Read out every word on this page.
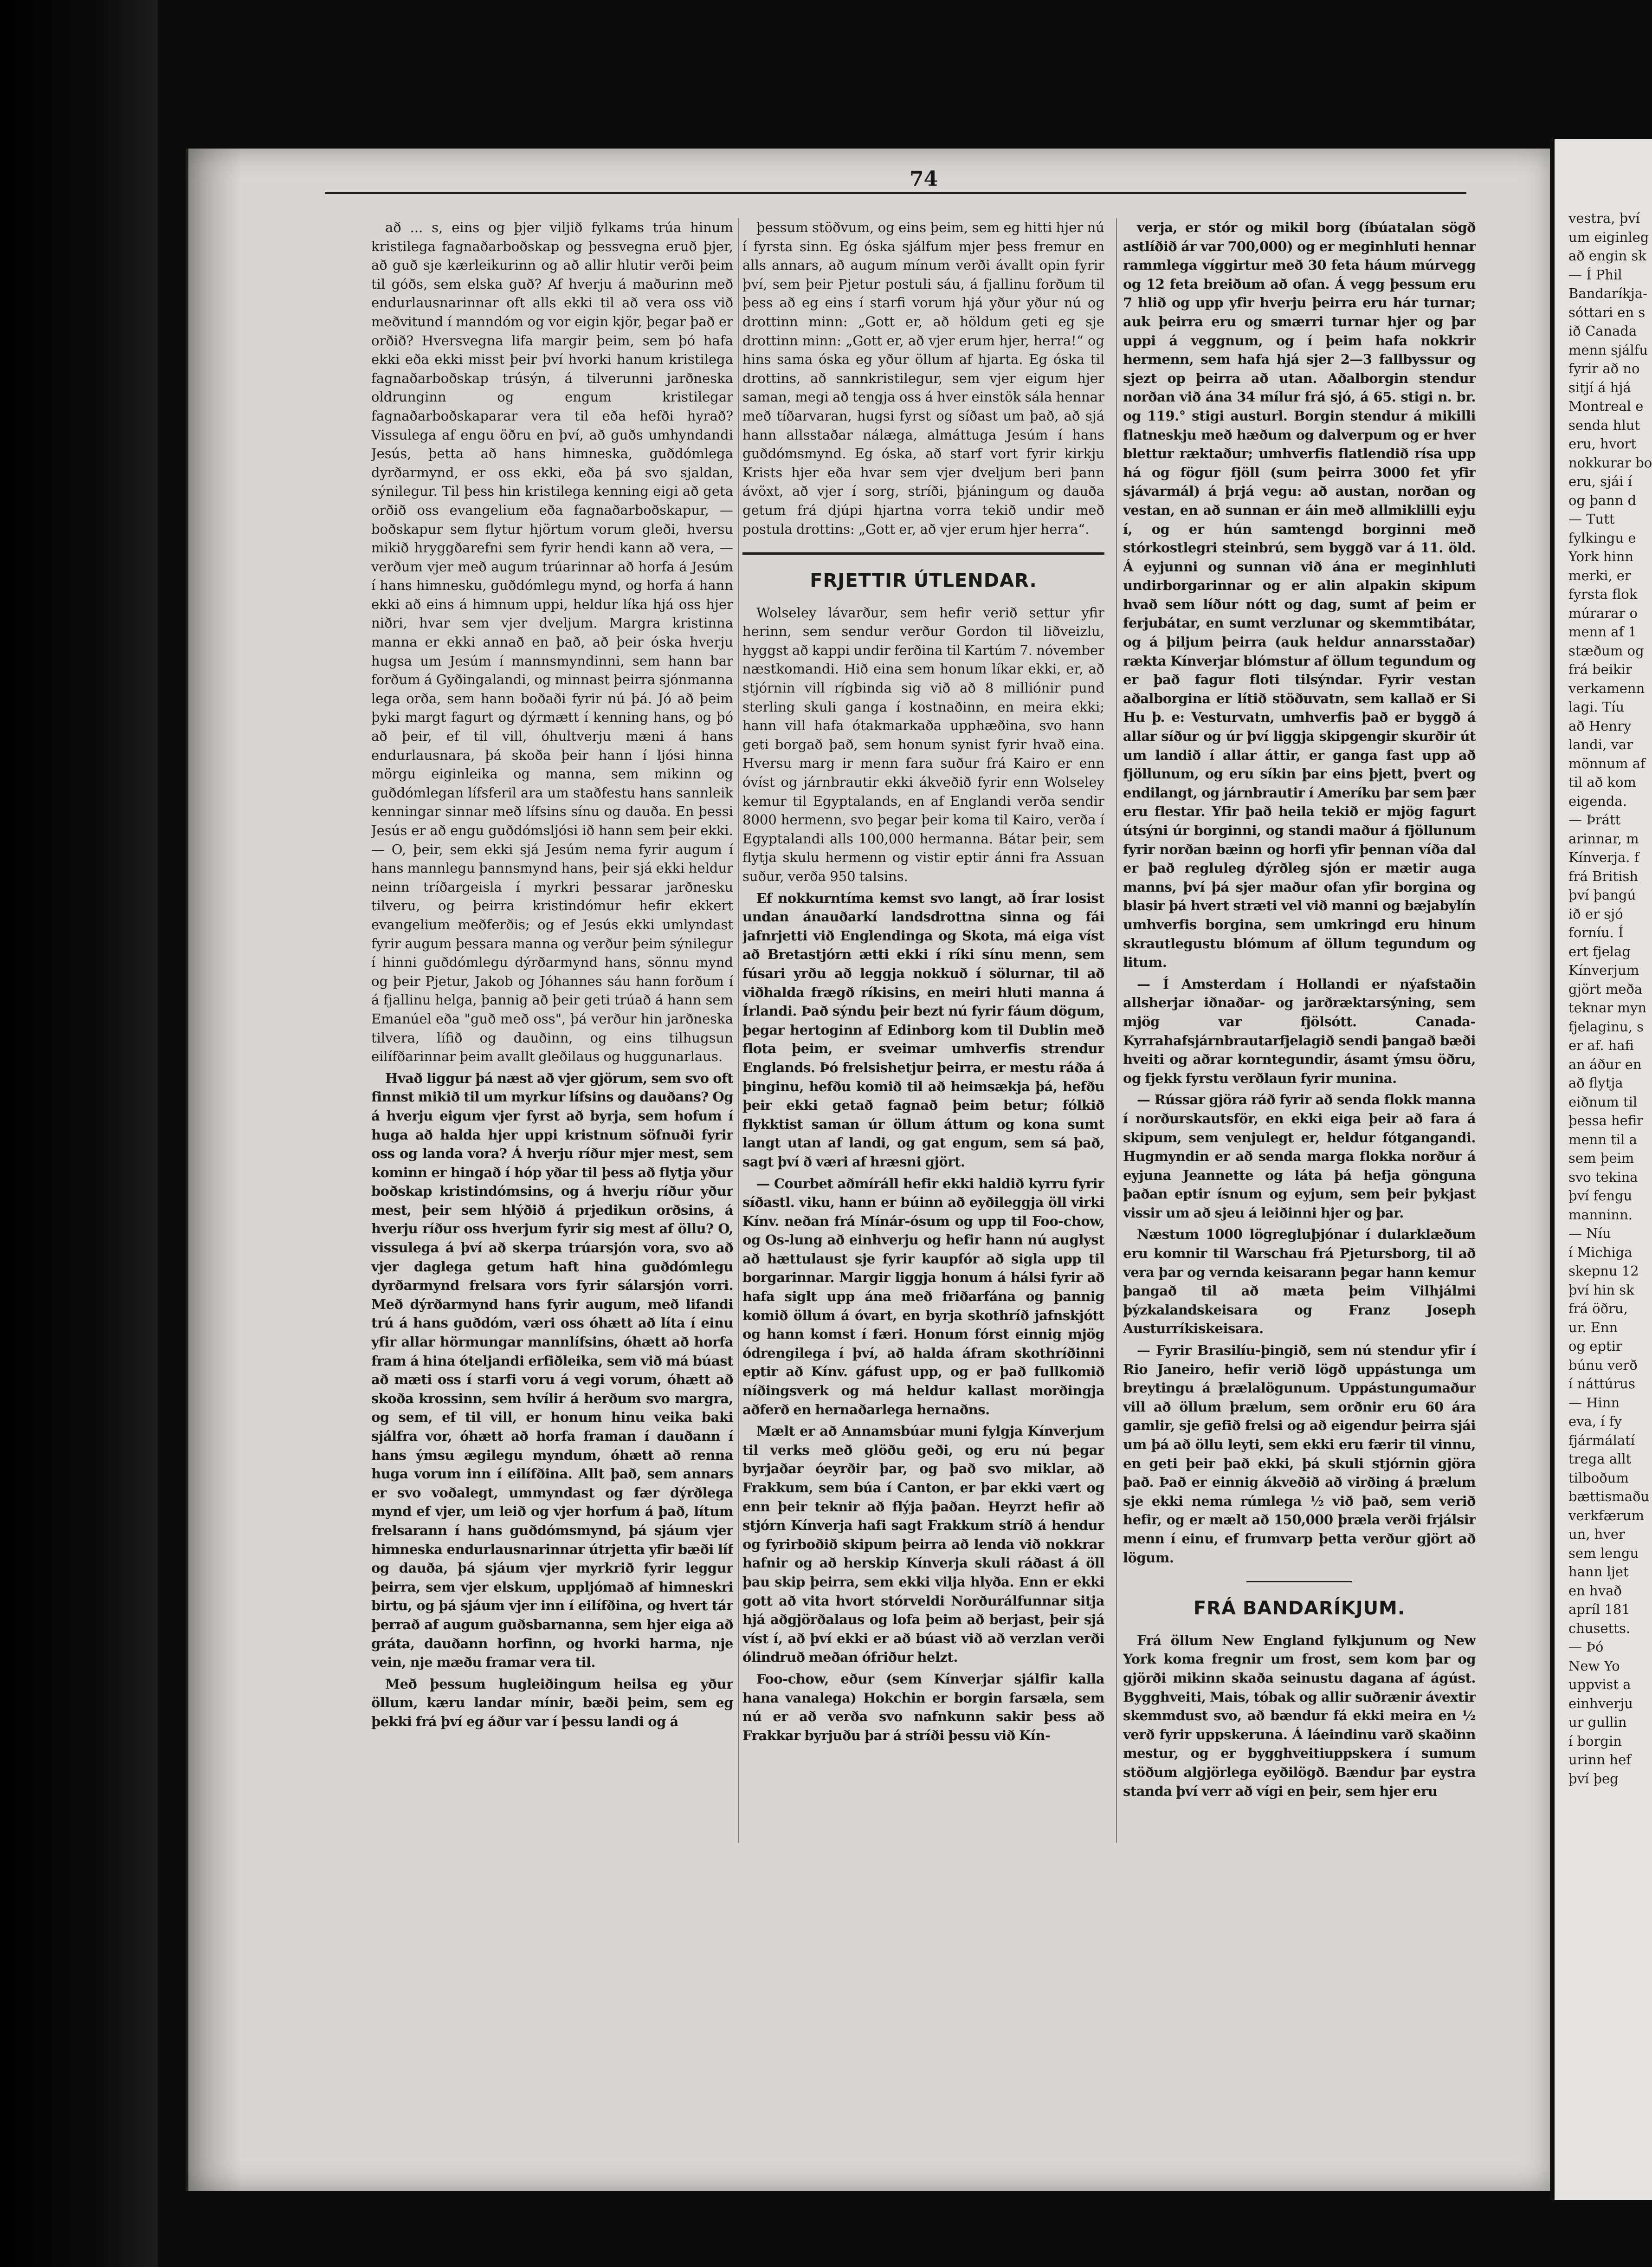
vestra, því
um eiginleg
að engin sk
— Í Phil
Bandaríkja-
sóttari en s
ið Canada
menn sjálfu
fyrir að no
sitjí á hjá
Montreal e
senda hlut
eru, hvort
nokkurar bo
eru, sjái í
og þann d
— Tutt
fylkingu e
York hinn
merki, er
fyrsta flok
múrarar o
menn af 1
stæðum og
frá beikir
verkamenn
lagi. Tíu
að Henry
landi, var
mönnum af
til að kom
eigenda.
— Þrátt
arinnar, m
Kínverja. f
frá British
því þangú
ið er sjó
forníu. Í
ert fjelag
Kínverjum
gjört meða
teknar myn
fjelaginu, s
er af. hafi
an áður en
að flytja
eiðnum til
þessa hefir
menn til a
sem þeim
svo tekina
því fengu
manninn.
— Níu
í Michiga
skepnu 12
því hin sk
frá öðru,
ur. Enn
og eptir
búnu verð
í náttúrus
— Hinn
eva, í fy
fjármálatí
trega allt
tilboðum
bættismaðu
verkfærum
un, hver
sem lengu
hann ljet
en hvað
apríl 181
chusetts.
— Þó
New Yo
uppvist a
einhverju
ur gullin
í borgin
urinn hef
því þeg
74

að ... s, eins og þjer viljið fylkams trúa hinum kristilega fagnaðarboðskap og þessvegna eruð þjer, að guð sje kærleikurinn og að allir hlutir verði þeim til góðs, sem elska guð? Af hverju á maðurinn með endurlausnarinnar oft alls ekki til að vera oss við meðvitund í manndóm og vor eigin kjör, þegar það er orðið? Hversvegna lifa margir þeim, sem þó hafa ekki eða ekki misst þeir því hvorki hanum kristilega fagnaðarboðskap trúsýn, á tilverunni jarðneska oldrunginn og engum kristilegar fagnaðarboðskaparar vera til eða hefði hyrað? Vissulega af engu öðru en því, að guðs umhyndandi Jesús, þetta að hans himneska, guðdómlega dyrðarmynd, er oss ekki, eða þá svo sjaldan, sýnilegur. Til þess hin kristilega kenning eigi að geta orðið oss evangelium eða fagnaðarboðskapur, — boðskapur sem flytur hjörtum vorum gleði, hversu mikið hryggðarefni sem fyrir hendi kann að vera, — verðum vjer með augum trúarinnar að horfa á Jesúm í hans himnesku, guðdómlegu mynd, og horfa á hann ekki að eins á himnum uppi, heldur líka hjá oss hjer niðri, hvar sem vjer dveljum. Margra kristinna manna er ekki annað en það, að þeir óska hverju hugsa um Jesúm í mannsmyndinni, sem hann bar forðum á Gyðingalandi, og minnast þeirra sjónmanna lega orða, sem hann boðaði fyrir nú þá. Jó að þeim þyki margt fagurt og dýrmætt í kenning hans, og þó að þeir, ef til vill, óhultverju mæni á hans endurlausnara, þá skoða þeir hann í ljósi hinna mörgu eiginleika og manna, sem mikinn og guðdómlegan lífsferil ara um staðfestu hans sannleik kenningar sinnar með lífsins sínu og dauða. En þessi Jesús er að engu guðdómsljósi ið hann sem þeir ekki. — O, þeir, sem ekki sjá Jesúm nema fyrir augum í hans mannlegu þannsmynd hans, þeir sjá ekki heldur neinn tríðargeisla í myrkri þessarar jarðnesku tilveru, og þeirra kristindómur hefir ekkert evangelium meðferðis; og ef Jesús ekki umlyndast fyrir augum þessara manna og verður þeim sýnilegur í hinni guðdómlegu dýrðarmynd hans, sönnu mynd og þeir Pjetur, Jakob og Jóhannes sáu hann forðum í á fjallinu helga, þannig að þeir geti trúað á hann sem Emanúel eða "guð með oss", þá verður hin jarðneska tilvera, lífið og dauðinn, og eins tilhugsun eilífðarinnar þeim avallt gleðilaus og huggunarlaus.

Hvað liggur þá næst að vjer gjörum, sem svo oft finnst mikið til um myrkur lífsins og dauðans? Og á hverju eigum vjer fyrst að byrja, sem hofum í huga að halda hjer uppi kristnum söfnuði fyrir oss og landa vora? Á hverju ríður mjer mest, sem kominn er hingað í hóp yðar til þess að flytja yður boðskap kristindómsins, og á hverju ríður yður mest, þeir sem hlýðið á prjedikun orðsins, á hverju ríður oss hverjum fyrir sig mest af öllu? O, vissulega á því að skerpa trúarsjón vora, svo að vjer daglega getum haft hina guðdómlegu dyrðarmynd frelsara vors fyrir sálarsjón vorri. Með dýrðarmynd hans fyrir augum, með lifandi trú á hans guðdóm, væri oss óhætt að líta í einu yfir allar hörmungar mannlífsins, óhætt að horfa fram á hina óteljandi erfiðleika, sem við má búast að mæti oss í starfi voru á vegi vorum, óhætt að skoða krossinn, sem hvílir á herðum svo margra, og sem, ef til vill, er honum hinu veika baki sjálfra vor, óhætt að horfa framan í dauðann í hans ýmsu ægilegu myndum, óhætt að renna huga vorum inn í eilífðina. Allt það, sem annars er svo voðalegt, ummyndast og fær dýrðlega mynd ef vjer, um leið og vjer horfum á það, lítum frelsarann í hans guðdómsmynd, þá sjáum vjer himneska endurlausnarinnar útrjetta yfir bæði líf og dauða, þá sjáum vjer myrkrið fyrir leggur þeirra, sem vjer elskum, uppljómað af himneskri birtu, og þá sjáum vjer inn í eilífðina, og hvert tár þerrað af augum guðsbarnanna, sem hjer eiga að gráta, dauðann horfinn, og hvorki harma, nje vein, nje mæðu framar vera til.

Með þessum hugleiðingum heilsa eg yður öllum, kæru landar mínir, bæði þeim, sem eg þekki frá því eg áður var í þessu landi og á

þessum stöðvum, og eins þeim, sem eg hitti hjer nú í fyrsta sinn. Eg óska sjálfum mjer þess fremur en alls annars, að augum mínum verði ávallt opin fyrir því, sem þeir Pjetur postuli sáu, á fjallinu forðum til þess að eg eins í starfi vorum hjá yður yður nú og drottinn minn: „Gott er, að höldum geti eg sje drottinn minn: „Gott er, að vjer erum hjer, herra!“ og hins sama óska eg yður öllum af hjarta. Eg óska til drottins, að sannkristilegur, sem vjer eigum hjer saman, megi að tengja oss á hver einstök sála hennar með tíðarvaran, hugsi fyrst og síðast um það, að sjá hann allsstaðar nálæga, almáttuga Jesúm í hans guðdómsmynd. Eg óska, að starf vort fyrir kirkju Krists hjer eða hvar sem vjer dveljum beri þann ávöxt, að vjer í sorg, stríði, þjáningum og dauða getum frá djúpi hjartna vorra tekið undir með postula drottins: „Gott er, að vjer erum hjer herra“.

FRJETTIR ÚTLENDAR.

Wolseley lávarður, sem hefir verið settur yfir herinn, sem sendur verður Gordon til liðveizlu, hyggst að kappi undir ferðina til Kartúm 7. nóvember næstkomandi. Hið eina sem honum líkar ekki, er, að stjórnin vill rígbinda sig við að 8 milliónir pund sterling skuli ganga í kostnaðinn, en meira ekki; hann vill hafa ótakmarkaða upphæðina, svo hann geti borgað það, sem honum synist fyrir hvað eina. Hversu marg ir menn fara suður frá Kairo er enn óvíst og járnbrautir ekki ákveðið fyrir enn Wolseley kemur til Egyptalands, en af Englandi verða sendir 8000 hermenn, svo þegar þeir koma til Kairo, verða í Egyptalandi alls 100,000 hermanna. Bátar þeir, sem flytja skulu hermenn og vistir eptir ánni fra Assuan suður, verða 950 talsins.

Ef nokkurntíma kemst svo langt, að Írar losist undan ánauðarkí landsdrottna sinna og fái jafnrjetti við Englendinga og Skota, má eiga víst að Bretastjórn ætti ekki í ríki sínu menn, sem fúsari yrðu að leggja nokkuð í sölurnar, til að viðhalda frægð ríkisins, en meiri hluti manna á Írlandi. Það sýndu þeir bezt nú fyrir fáum dögum, þegar hertoginn af Edinborg kom til Dublin með flota þeim, er sveimar umhverfis strendur Englands. Þó frelsishetjur þeirra, er mestu ráða á þinginu, hefðu komið til að heimsækja þá, hefðu þeir ekki getað fagnað þeim betur; fólkið flykktist saman úr öllum áttum og kona sumt langt utan af landi, og gat engum, sem sá það, sagt því ð væri af hræsni gjört.

— Courbet aðmíráll hefir ekki haldið kyrru fyrir síðastl. viku, hann er búinn að eyðileggja öll virki Kínv. neðan frá Mínár-ósum og upp til Foo-chow, og Os-lung að einhverju og hefir hann nú auglyst að hættulaust sje fyrir kaupfór að sigla upp til borgarinnar. Margir liggja honum á hálsi fyrir að hafa siglt upp ána með friðarfána og þannig komið öllum á óvart, en byrja skothríð jafnskjótt og hann komst í færi. Honum fórst einnig mjög ódrengilega í því, að halda áfram skothríðinni eptir að Kínv. gáfust upp, og er það fullkomið níðingsverk og má heldur kallast morðingja aðferð en hernaðarlega hernaðns.

Mælt er að Annamsbúar muni fylgja Kínverjum til verks með glöðu geði, og eru nú þegar byrjaðar óeyrðir þar, og það svo miklar, að Frakkum, sem búa í Canton, er þar ekki vært og enn þeir teknir að flýja þaðan. Heyrzt hefir að stjórn Kínverja hafi sagt Frakkum stríð á hendur og fyrirboðið skipum þeirra að lenda við nokkrar hafnir og að herskip Kínverja skuli ráðast á öll þau skip þeirra, sem ekki vilja hlyða. Enn er ekki gott að vita hvort stórveldi Norðurálfunnar sitja hjá aðgjörðalaus og lofa þeim að berjast, þeir sjá víst í, að því ekki er að búast við að verzlan verði ólindruð meðan ófriður helzt.

Foo-chow, eður (sem Kínverjar sjálfir kalla hana vanalega) Hokchin er borgin farsæla, sem nú er að verða svo nafnkunn sakir þess að Frakkar byrjuðu þar á stríði þessu við Kín-

verja, er stór og mikil borg (íbúatalan sögð astlíðið ár var 700,000) og er meginhluti hennar rammlega víggirtur með 30 feta háum múrvegg og 12 feta breiðum að ofan. Á vegg þessum eru 7 hlið og upp yfir hverju þeirra eru hár turnar; auk þeirra eru og smærri turnar hjer og þar uppi á veggnum, og í þeim hafa nokkrir hermenn, sem hafa hjá sjer 2—3 fallbyssur og sjezt op þeirra að utan. Aðalborgin stendur norðan við ána 34 mílur frá sjó, á 65. stigi n. br. og 119.° stigi austurl. Borgin stendur á mikilli flatneskju með hæðum og dalverpum og er hver blettur ræktaður; umhverfis flatlendið rísa upp há og fögur fjöll (sum þeirra 3000 fet yfir sjávarmál) á þrjá vegu: að austan, norðan og vestan, en að sunnan er áin með allmiklilli eyju í, og er hún samtengd borginni með stórkostlegri steinbrú, sem byggð var á 11. öld. Á eyjunni og sunnan við ána er meginhluti undirborgarinnar og er alin alpakin skipum hvað sem líður nótt og dag, sumt af þeim er ferjubátar, en sumt verzlunar og skemmtibátar, og á þiljum þeirra (auk heldur annarsstaðar) rækta Kínverjar blómstur af öllum tegundum og er það fagur floti tilsýndar. Fyrir vestan aðalborgina er lítið stöðuvatn, sem kallað er Si Hu þ. e: Vesturvatn, umhverfis það er byggð á allar síður og úr því liggja skipgengir skurðir út um landið í allar áttir, er ganga fast upp að fjöllunum, og eru síkin þar eins þjett, þvert og endilangt, og járnbrautir í Ameríku þar sem þær eru flestar. Yfir það heila tekið er mjög fagurt útsýni úr borginni, og standi maður á fjöllunum fyrir norðan bæinn og horfi yfir þennan víða dal er það regluleg dýrðleg sjón er mætir auga manns, því þá sjer maður ofan yfir borgina og blasir þá hvert stræti vel við manni og bæjabylín umhverfis borgina, sem umkringd eru hinum skrautlegustu blómum af öllum tegundum og litum.

— Í Amsterdam í Hollandi er nýafstaðin allsherjar iðnaðar- og jarðræktarsýning, sem mjög var fjölsótt. Canada-Kyrrahafsjárnbrautarfjelagið sendi þangað bæði hveiti og aðrar korntegundir, ásamt ýmsu öðru, og fjekk fyrstu verðlaun fyrir muninа.

— Rússar gjöra ráð fyrir að senda flokk manna í norðurskautsför, en ekki eiga þeir að fara á skipum, sem venjulegt er, heldur fótgangandi. Hugmyndin er að senda marga flokka norður á eyjuna Jeannette og láta þá hefja gönguna þaðan eptir ísnum og eyjum, sem þeir þykjast vissir um að sjeu á leiðinni hjer og þar.

Næstum 1000 lögregluþjónar í dularklæðum eru komnir til Warschau frá Pjetursborg, til að vera þar og vernda keisarann þegar hann kemur þangað til að mæta þeim Vilhjálmi þýzkalandskeisara og Franz Joseph Austurríkiskeisara.

— Fyrir Brasilíu-þingið, sem nú stendur yfir í Rio Janeiro, hefir verið lögð uppástunga um breytingu á þrælalögunum. Uppástungumaður vill að öllum þrælum, sem orðnir eru 60 ára gamlir, sje gefið frelsi og að eigendur þeirra sjái um þá að öllu leyti, sem ekki eru færir til vinnu, en geti þeir það ekki, þá skuli stjórnin gjöra það. Það er einnig ákveðið að virðing á þrælum sje ekki nema rúmlega ½ við það, sem verið hefir, og er mælt að 150,000 þræla verði frjálsir menn í einu, ef frumvarp þetta verður gjört að lögum.

FRÁ BANDARÍKJUM.

Frá öllum New England fylkjunum og New York koma fregnir um frost, sem kom þar og gjörði mikinn skaða seinustu dagana af ágúst. Bygghveiti, Mais, tóbak og allir suðrænir ávextir skemmdust svo, að bændur fá ekki meira en ½ verð fyrir uppskeruna. Á láeindinu varð skaðinn mestur, og er bygghveitiuppskera í sumum stöðum algjörlega eyðilögð. Bændur þar eystra standa því verr að vígi en þeir, sem hjer eru
